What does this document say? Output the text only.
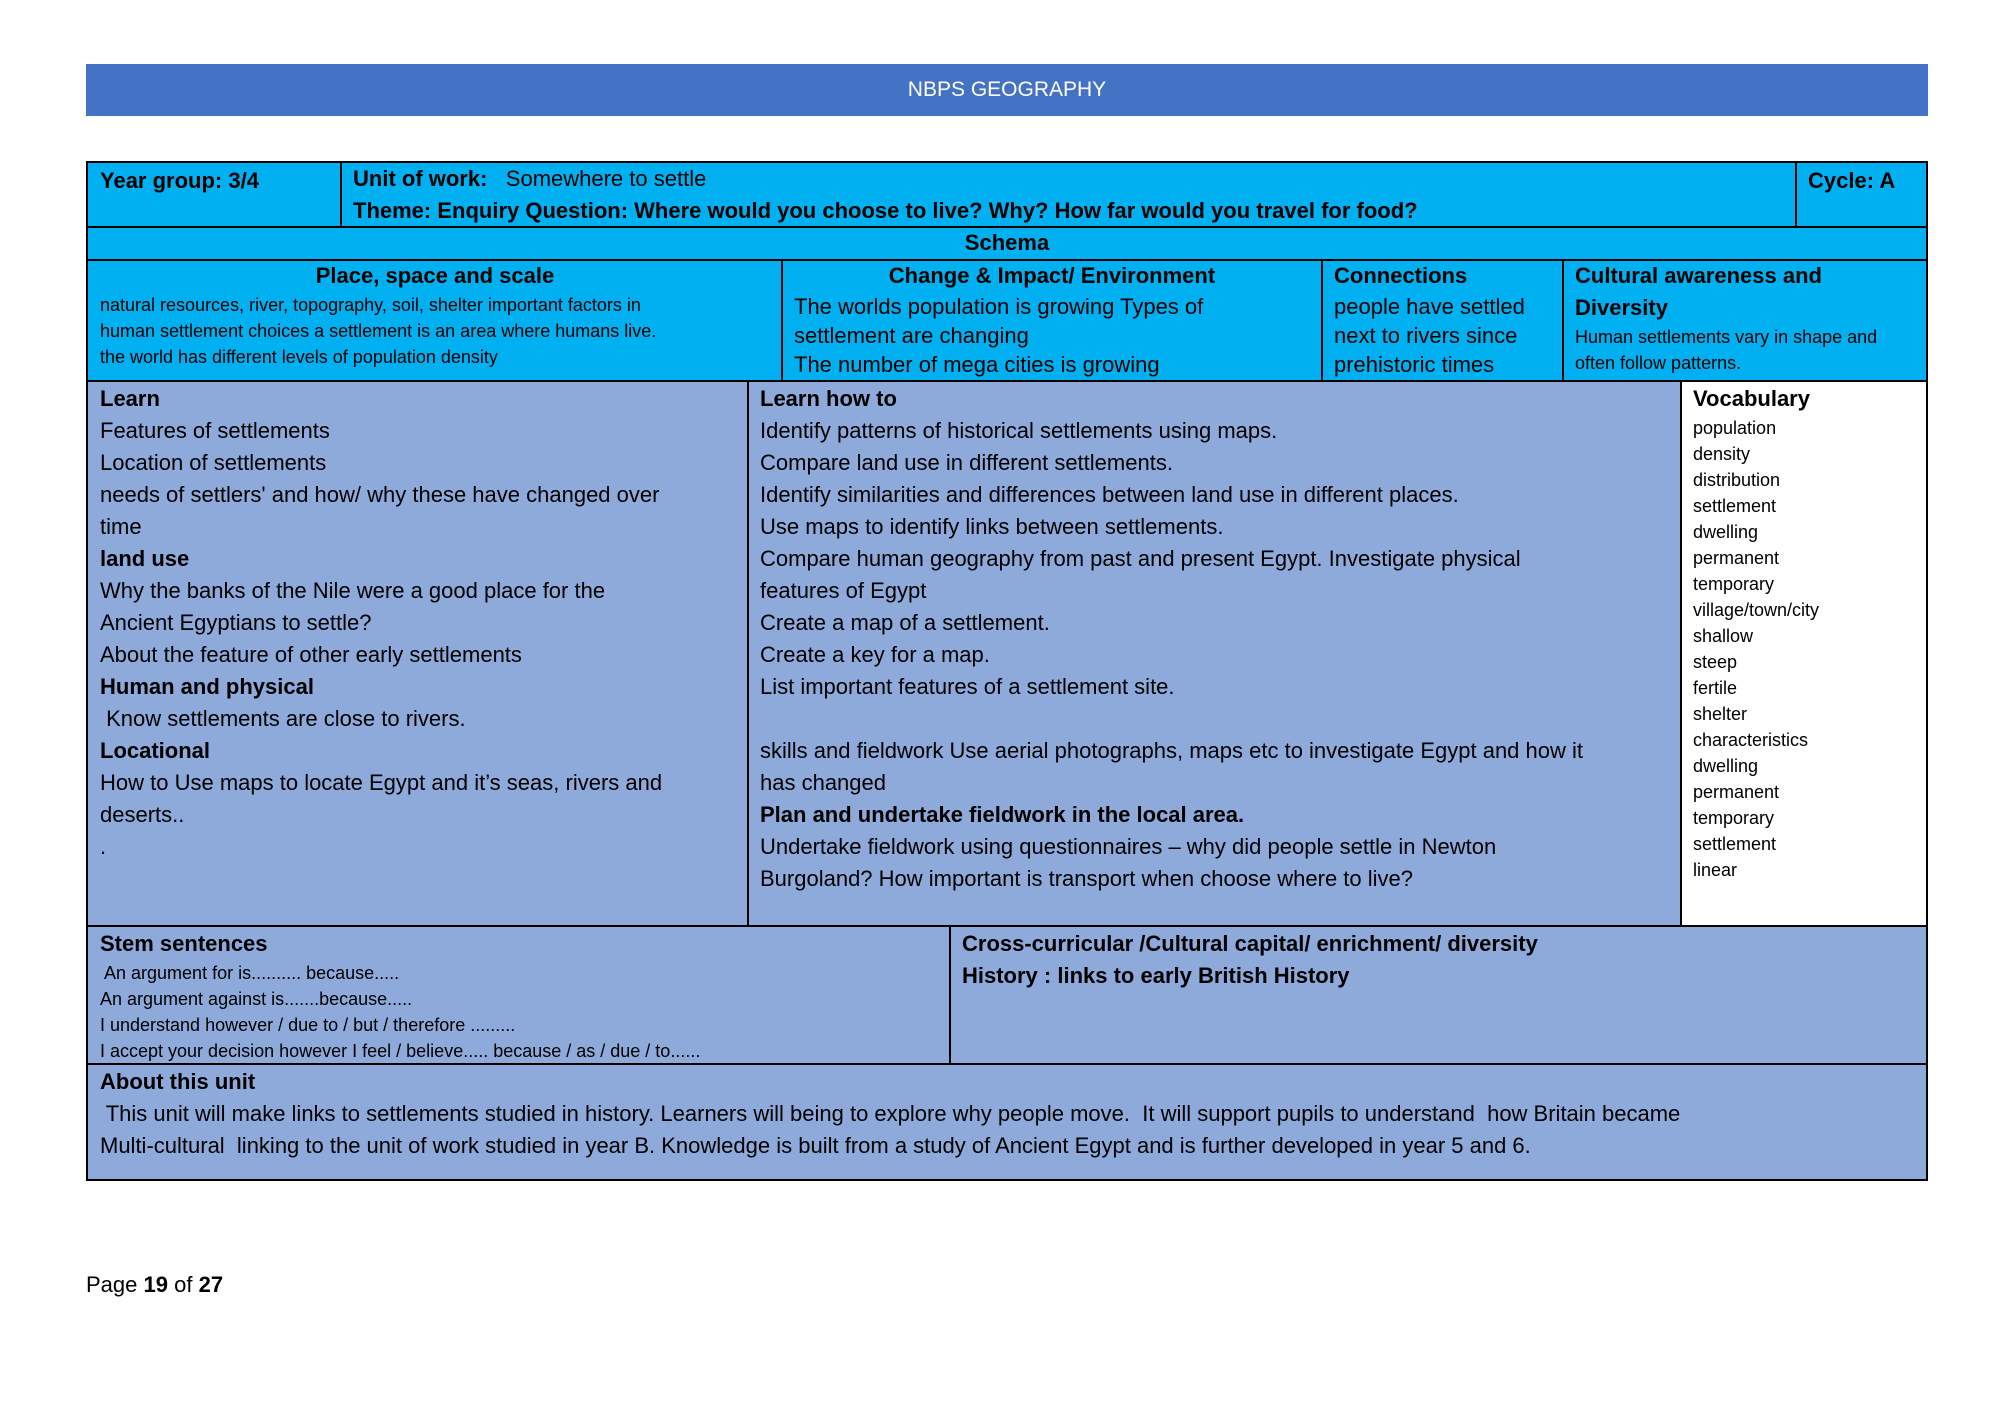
NBPS GEOGRAPHY
Year group: 3/4	Unit of work: Somewhere to settle
Theme: Enquiry Question: Where would you choose to live? Why? How far would you travel for food?
Cycle: A
Schema
Place, space and scale
natural resources, river, topography, soil, shelter important factors in
human settlement choices a settlement is an area where humans live.
the world has different levels of population density
Change & Impact/ Environment
The worlds population is growing Types of
settlement are changing
The number of mega cities is growing
Connections
people have settled
next to rivers since
prehistoric times
Cultural awareness and
Diversity
Human settlements vary in shape and
often follow patterns.
Learn
Features of settlements
Location of settlements
needs of settlers' and how/ why these have changed over
time
land use
Why the banks of the Nile were a good place for the
Ancient Egyptians to settle?
About the feature of other early settlements
Human and physical
Know settlements are close to rivers.
Locational
How to Use maps to locate Egypt and it’s seas, rivers and
deserts..
.
Learn how to
Identify patterns of historical settlements using maps.
Compare land use in different settlements.
Identify similarities and differences between land use in different places.
Use maps to identify links between settlements.
Compare human geography from past and present Egypt. Investigate physical
features of Egypt
Create a map of a settlement.
Create a key for a map.
List important features of a settlement site.
skills and fieldwork Use aerial photographs, maps etc to investigate Egypt and how it
has changed
Plan and undertake fieldwork in the local area.
Undertake fieldwork using questionnaires – why did people settle in Newton
Burgoland? How important is transport when choose where to live?
Vocabulary
population
density
distribution
settlement
dwelling
permanent
temporary
village/town/city
shallow
steep
fertile
shelter
characteristics
dwelling
permanent
temporary
settlement
linear
Stem sentences
An argument for is.......... because.....
An argument against is.......because.....
I understand however / due to / but / therefore .........
I accept your decision however I feel / believe..... because / as / due / to......
Cross-curricular /Cultural capital/ enrichment/ diversity
History : links to early British History
About this unit
This unit will make links to settlements studied in history. Learners will being to explore why people move.  It will support pupils to understand  how Britain became
Multi-cultural  linking to the unit of work studied in year B. Knowledge is built from a study of Ancient Egypt and is further developed in year 5 and 6.
Page 19 of 27
